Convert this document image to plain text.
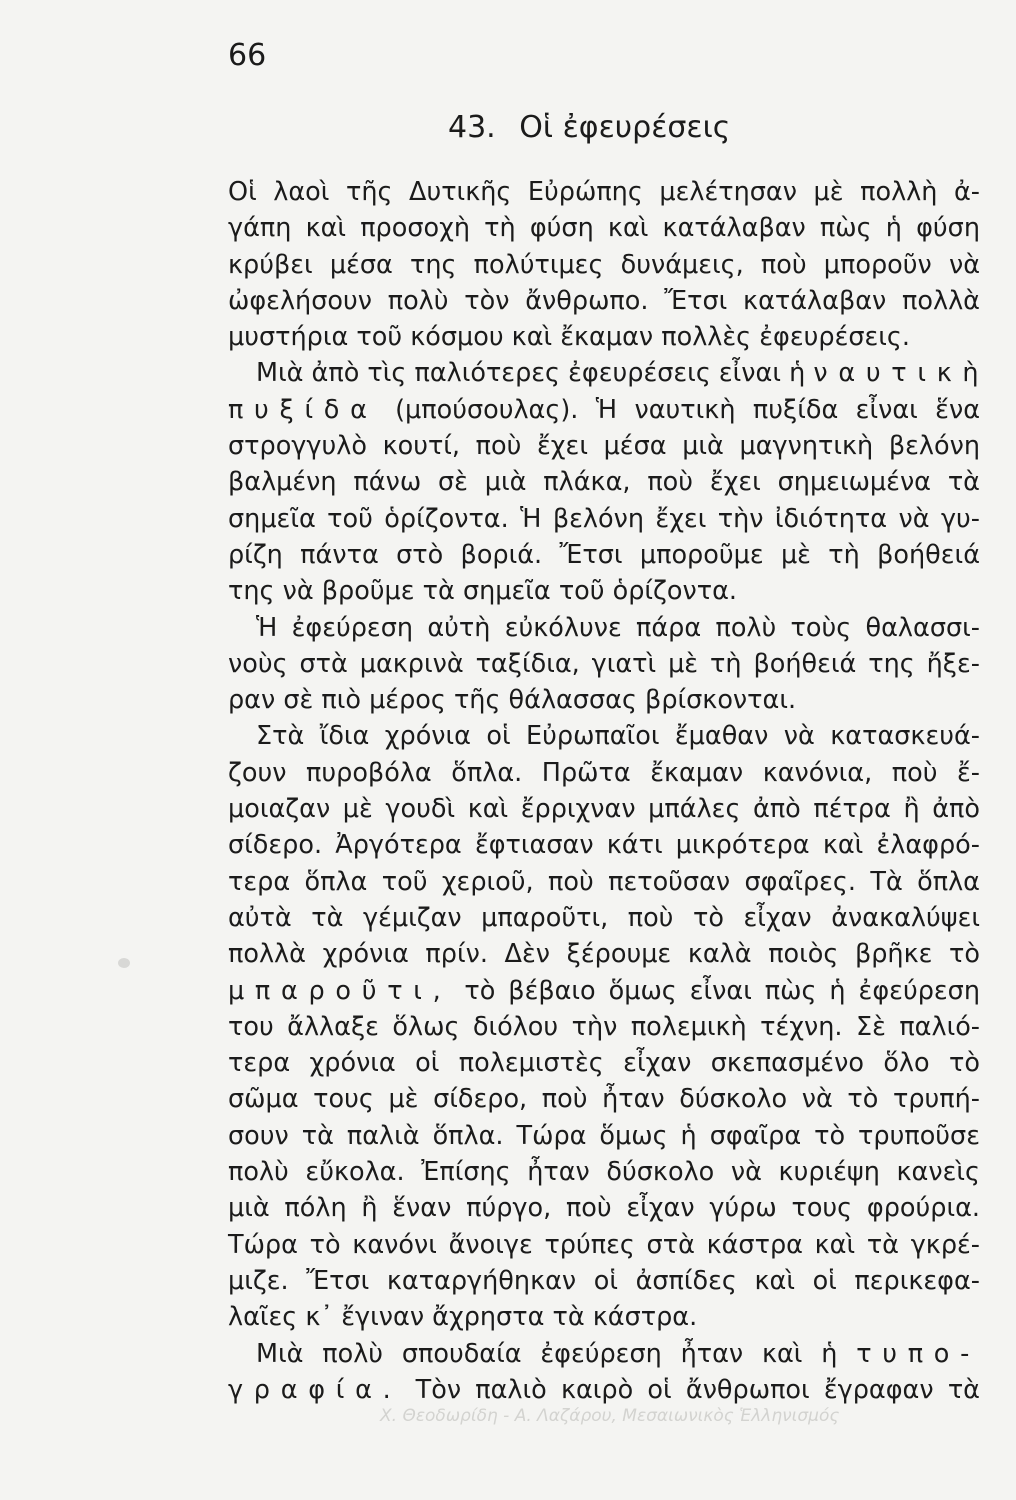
66
43. Οἱ ἐφευρέσεις
Οἱ λαοὶ τῆς Δυτικῆς Εὐρώπης μελέτησαν μὲ πολλὴ ἀ-
γάπη καὶ προσοχὴ τὴ φύση καὶ κατάλαβαν πὼς ἡ φύση
κρύβει μέσα της πολύτιμες δυνάμεις, ποὺ μποροῦν νὰ
ὠφελήσουν πολὺ τὸν ἄνθρωπο. Ἔτσι κατάλαβαν πολλὰ
μυστήρια τοῦ κόσμου καὶ ἔκαμαν πολλὲς ἐφευρέσεις.
Μιὰ ἀπὸ τὶς παλιότερες ἐφευρέσεις εἶναι ἡ ναυτικὴ
πυξίδα (μπούσουλας). Ἡ ναυτικὴ πυξίδα εἶναι ἕνα
στρογγυλὸ κουτί, ποὺ ἔχει μέσα μιὰ μαγνητικὴ βελόνη
βαλμένη πάνω σὲ μιὰ πλάκα, ποὺ ἔχει σημειωμένα τὰ
σημεῖα τοῦ ὁρίζοντα. Ἡ βελόνη ἔχει τὴν ἰδιότητα νὰ γυ-
ρίζη πάντα στὸ βοριά. Ἔτσι μποροῦμε μὲ τὴ βοήθειά
της νὰ βροῦμε τὰ σημεῖα τοῦ ὁρίζοντα.
Ἡ ἐφεύρεση αὐτὴ εὐκόλυνε πάρα πολὺ τοὺς θαλασσι-
νοὺς στὰ μακρινὰ ταξίδια, γιατὶ μὲ τὴ βοήθειά της ἤξε-
ραν σὲ πιὸ μέρος τῆς θάλασσας βρίσκονται.
Στὰ ἴδια χρόνια οἱ Εὐρωπαῖοι ἔμαθαν νὰ κατασκευά-
ζουν πυροβόλα ὅπλα. Πρῶτα ἔκαμαν κανόνια, ποὺ ἔ-
μοιαζαν μὲ γουδὶ καὶ ἔρριχναν μπάλες ἀπὸ πέτρα ἢ ἀπὸ
σίδερο. Ἀργότερα ἔφτιασαν κάτι μικρότερα καὶ ἐλαφρό-
τερα ὅπλα τοῦ χεριοῦ, ποὺ πετοῦσαν σφαῖρες. Τὰ ὅπλα
αὐτὰ τὰ γέμιζαν μπαροῦτι, ποὺ τὸ εἶχαν ἀνακαλύψει
πολλὰ χρόνια πρίν. Δὲν ξέρουμε καλὰ ποιὸς βρῆκε τὸ
μπαροῦτι, τὸ βέβαιο ὅμως εἶναι πὼς ἡ ἐφεύρεση
του ἄλλαξε ὅλως διόλου τὴν πολεμικὴ τέχνη. Σὲ παλιό-
τερα χρόνια οἱ πολεμιστὲς εἶχαν σκεπασμένο ὅλο τὸ
σῶμα τους μὲ σίδερο, ποὺ ἦταν δύσκολο νὰ τὸ τρυπή-
σουν τὰ παλιὰ ὅπλα. Τώρα ὅμως ἡ σφαῖρα τὸ τρυποῦσε
πολὺ εὔκολα. Ἐπίσης ἦταν δύσκολο νὰ κυριέψη κανεὶς
μιὰ πόλη ἢ ἕναν πύργο, ποὺ εἶχαν γύρω τους φρούρια.
Τώρα τὸ κανόνι ἄνοιγε τρύπες στὰ κάστρα καὶ τὰ γκρέ-
μιζε. Ἔτσι καταργήθηκαν οἱ ἀσπίδες καὶ οἱ περικεφα-
λαῖες κ᾿ ἔγιναν ἄχρηστα τὰ κάστρα.
Μιὰ πολὺ σπουδαία ἐφεύρεση ἦταν καὶ ἡ τυπο-
γραφία. Τὸν παλιὸ καιρὸ οἱ ἄνθρωποι ἔγραφαν τὰ
Χ. Θεοδωρίδη - Α. Λαζάρου, Μεσαιωνικὸς Ἑλληνισμός
